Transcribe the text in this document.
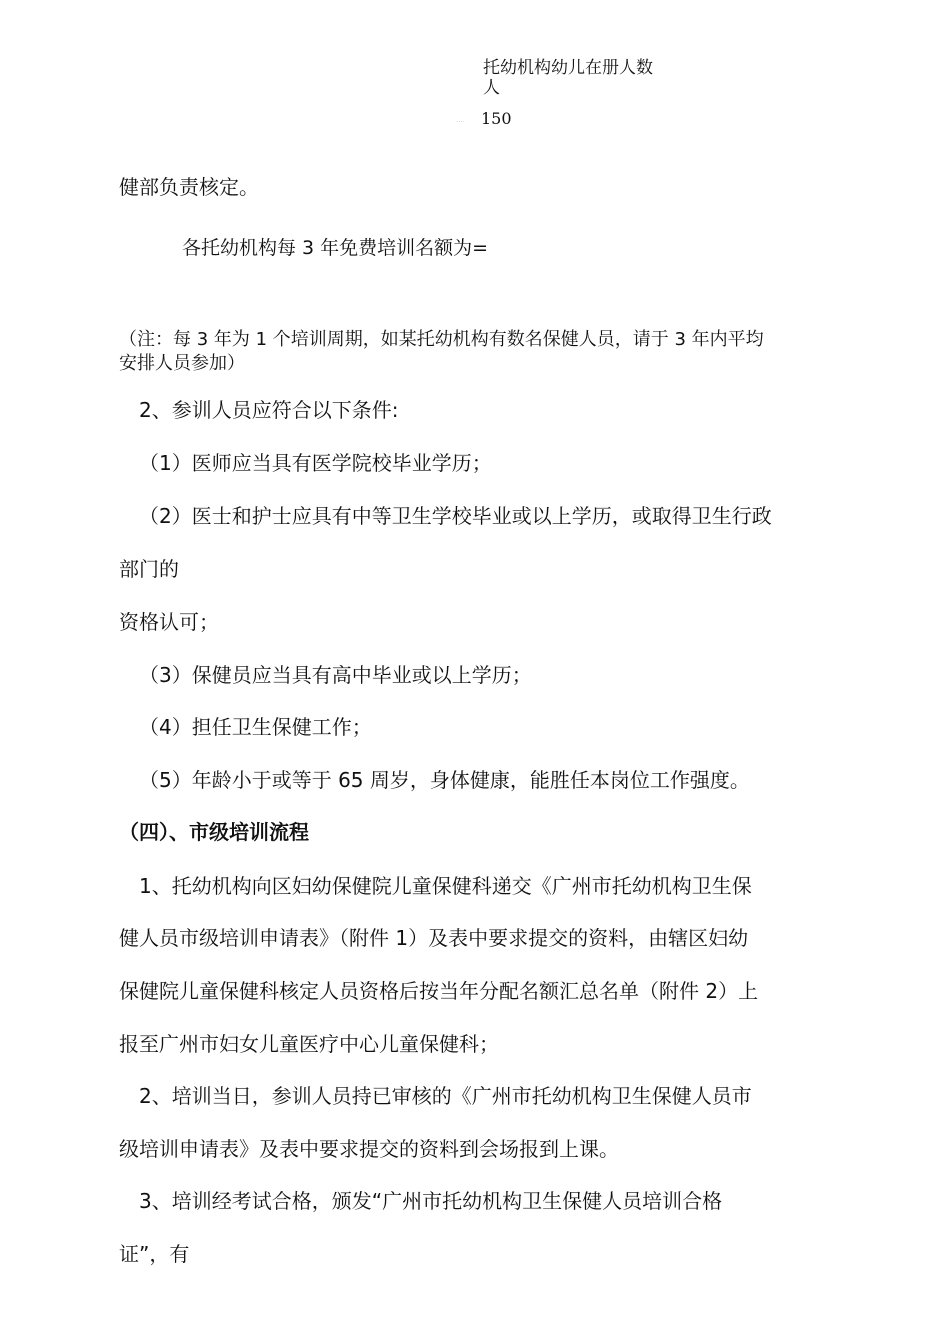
托幼机构幼儿在册人数
人
.... 150
健部负责核定。
各托幼机构每 3 年免费培训名额为=
（注：每 3 年为 1 个培训周期，如某托幼机构有数名保健人员，请于 3 年内平均
安排人员参加）
2、参训人员应符合以下条件:
（1）医师应当具有医学院校毕业学历；
（2）医士和护士应具有中等卫生学校毕业或以上学历，或取得卫生行政
部门的
资格认可；
（3）保健员应当具有高中毕业或以上学历；
（4）担任卫生保健工作；
（5）年龄小于或等于 65 周岁，身体健康，能胜任本岗位工作强度。
（四）、市级培训流程
1、托幼机构向区妇幼保健院儿童保健科递交《广州市托幼机构卫生保
健人员市级培训申请表》（附件 1）及表中要求提交的资料，由辖区妇幼
保健院儿童保健科核定人员资格后按当年分配名额汇总名单（附件 2）上
报至广州市妇女儿童医疗中心儿童保健科；
2、培训当日，参训人员持已审核的《广州市托幼机构卫生保健人员市
级培训申请表》及表中要求提交的资料到会场报到上课。
3、培训经考试合格，颁发“广州市托幼机构卫生保健人员培训合格
证”，有
